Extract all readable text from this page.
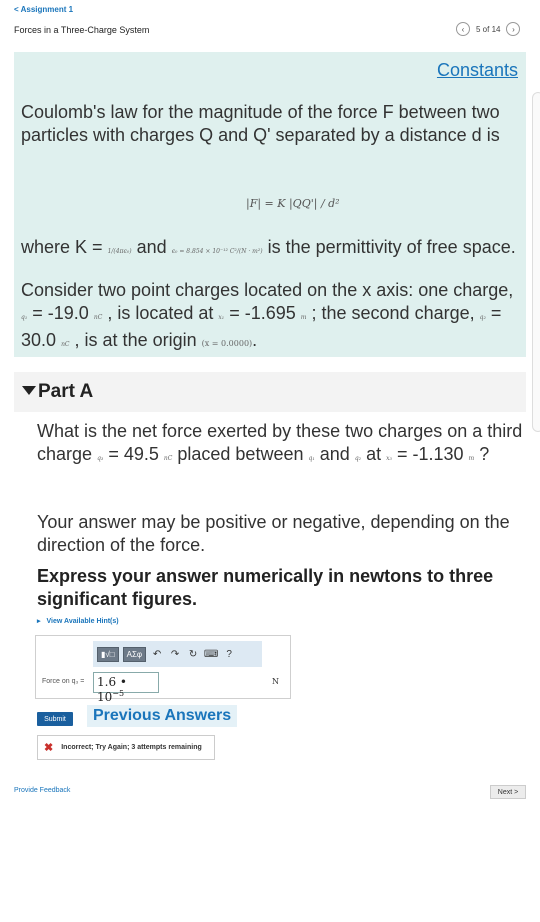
< Assignment 1
Forces in a Three-Charge System	‹ 5 of 14 ›
Constants
Coulomb's law for the magnitude of the force F between two particles with charges Q and Q' separated by a distance d is
|F| = K |QQ'| / d²
where K = 1/(4πϵ₀) and ϵ₀ = 8.854 × 10⁻¹² C²/(N · m²) is the permittivity of free space.
Consider two point charges located on the x axis: one charge, q₁ = -19.0 nC , is located at x₁ = -1.695 m ; the second charge, q₂ = 30.0 nC , is at the origin (x = 0.0000).
Part A
What is the net force exerted by these two charges on a third charge q₃ = 49.5 nC placed between q₁ and q₂ at x₃ = -1.130 m ?
Your answer may be positive or negative, depending on the direction of the force.
Express your answer numerically in newtons to three significant figures.
▸ View Available Hint(s)
▮√□	ΑΣφ	↶ ↷ ↻ ⌨ ?
Force on q₃ =	1.6 • $10^{-5}$
N
Submit	Previous Answers
✖ Incorrect; Try Again; 3 attempts remaining
Provide Feedback	Next >
